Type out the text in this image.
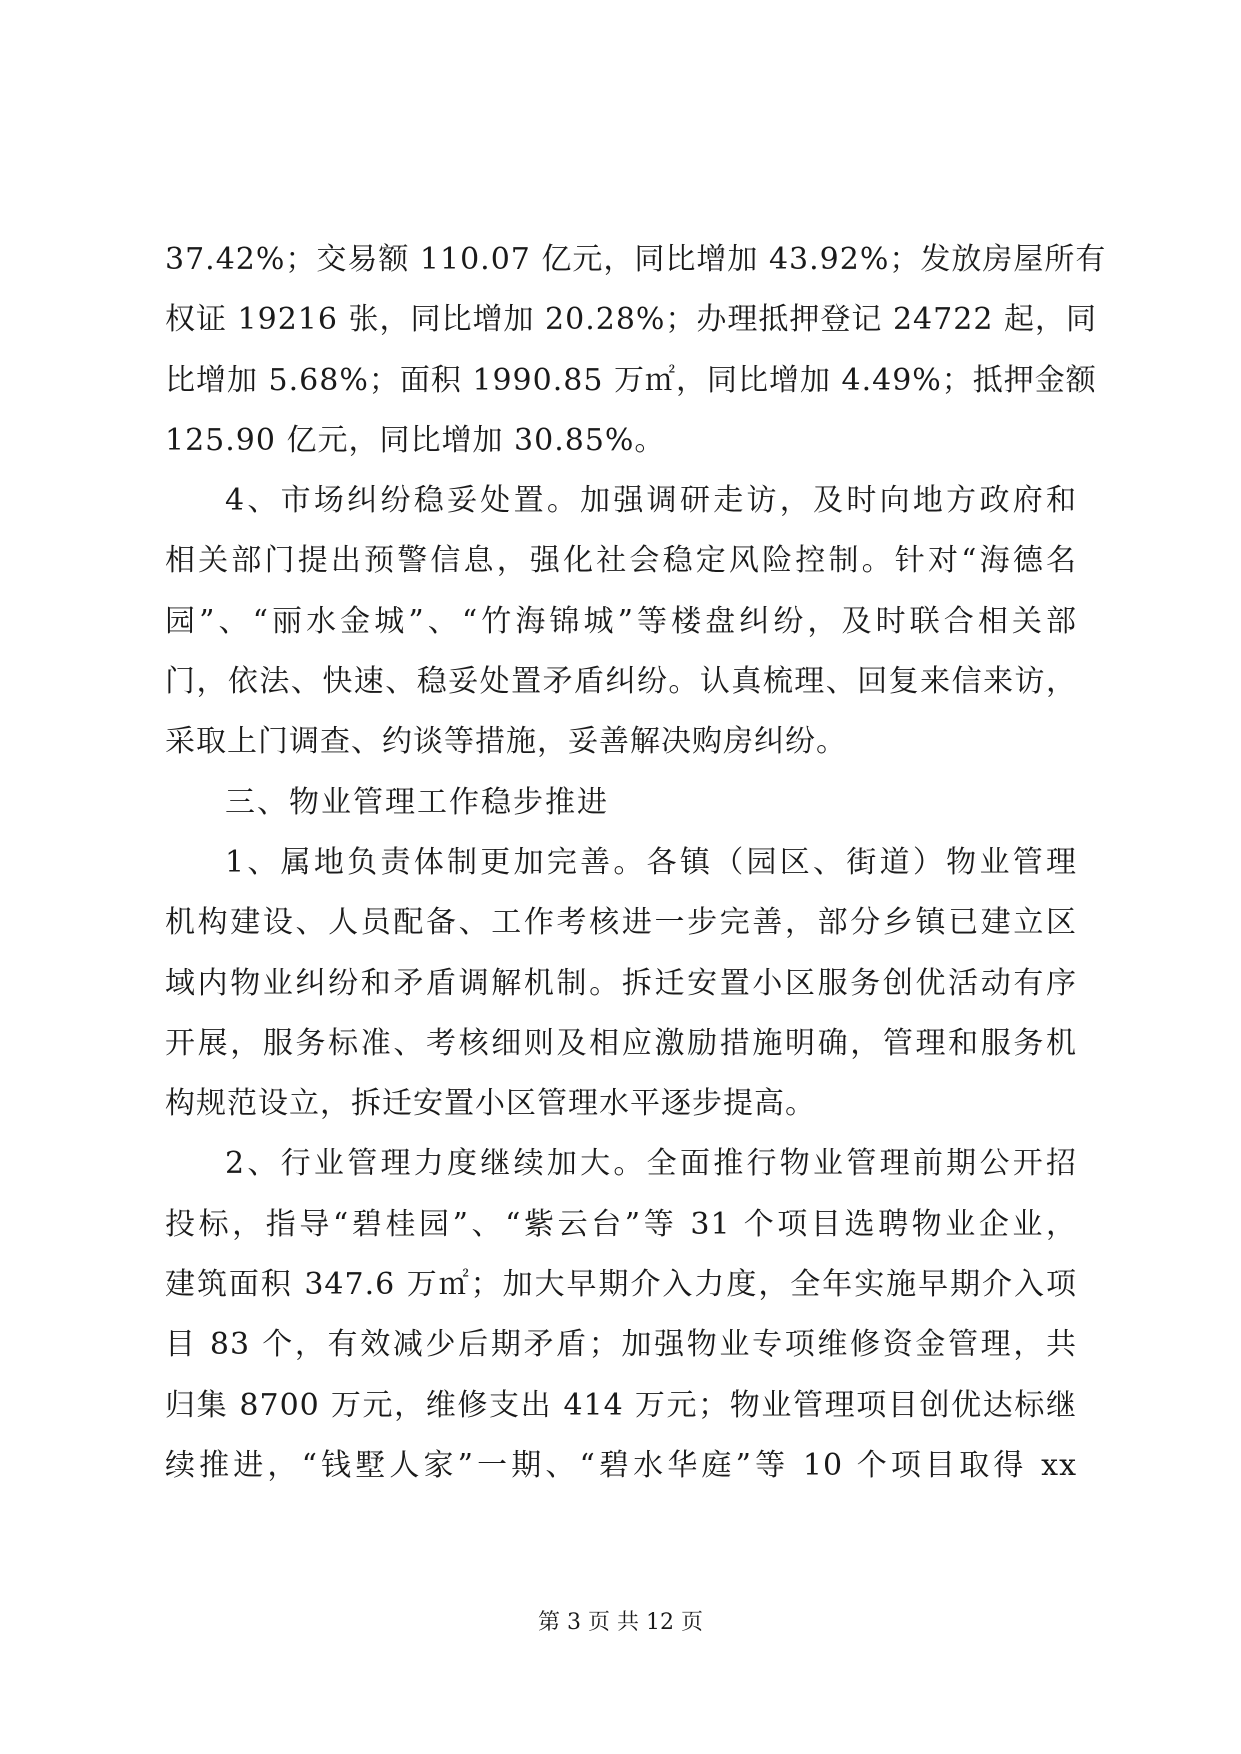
37.42%；交易额 110.07 亿元，同比增加 43.92%；发放房屋所有
权证 19216 张，同比增加 20.28%；办理抵押登记 24722 起，同
比增加 5.68%；面积 1990.85 万㎡，同比增加 4.49%；抵押金额
125.90 亿元，同比增加 30.85%。
4、市场纠纷稳妥处置。加强调研走访，及时向地方政府和
相关部门提出预警信息，强化社会稳定风险控制。针对“海德名
园”、“丽水金城”、“竹海锦城”等楼盘纠纷，及时联合相关部
门，依法、快速、稳妥处置矛盾纠纷。认真梳理、回复来信来访，
采取上门调查、约谈等措施，妥善解决购房纠纷。
三、物业管理工作稳步推进
1、属地负责体制更加完善。各镇（园区、街道）物业管理
机构建设、人员配备、工作考核进一步完善，部分乡镇已建立区
域内物业纠纷和矛盾调解机制。拆迁安置小区服务创优活动有序
开展，服务标准、考核细则及相应激励措施明确，管理和服务机
构规范设立，拆迁安置小区管理水平逐步提高。
2、行业管理力度继续加大。全面推行物业管理前期公开招
投标，指导“碧桂园”、“紫云台”等 31 个项目选聘物业企业，
建筑面积 347.6 万㎡；加大早期介入力度，全年实施早期介入项
目 83 个，有效减少后期矛盾；加强物业专项维修资金管理，共
归集 8700 万元，维修支出 414 万元；物业管理项目创优达标继
续推进，“钱墅人家”一期、“碧水华庭”等 10 个项目取得 xx
第 3 页 共 12 页
